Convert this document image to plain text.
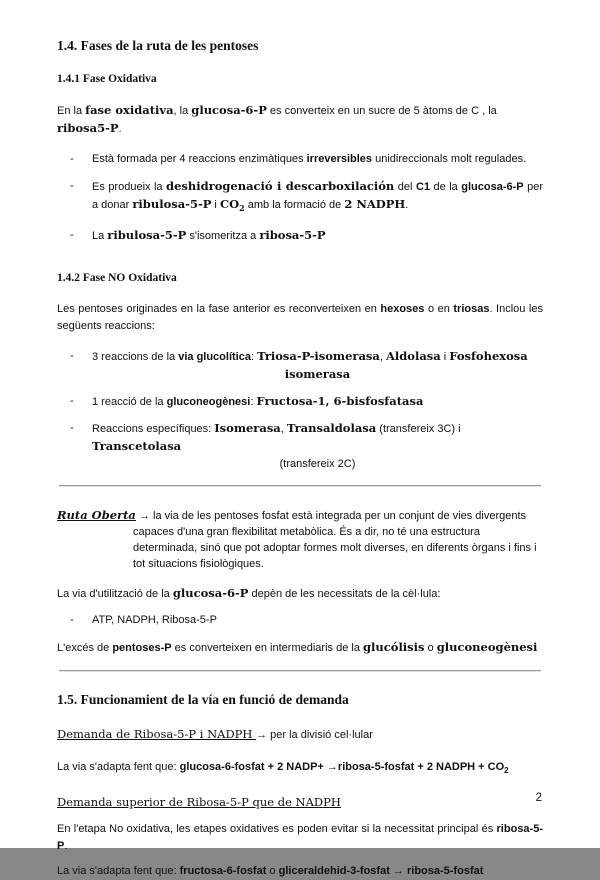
1.4. Fases de la ruta de les pentoses
1.4.1 Fase Oxidativa
En la fase oxidativa, la glucosa-6-P es converteix en un sucre de 5 àtoms de C , la ribosa5-P.
-	Està formada per 4 reaccions enzimàtiques irreversibles unidireccionals molt regulades.
-	Es produeix la deshidrogenació i descarboxilación del C1 de la glucosa-6-P per a donar ribulosa-5-P i $CO_2$ amb la formació de 2 NADPH.
-	La ribulosa-5-P s'isomeritza a ribosa-5-P
1.4.2 Fase NO Oxidativa
Les pentoses originades en la fase anterior es reconverteixen en hexoses o en triosas. Inclou les següents reaccions:
-	3 reaccions de la via glucolítica: Triosa-P-isomerasa, Aldolasa i Fosfohexosa
isomerasa
-	1 reacció de la gluconeogènesi: Fructosa-1, 6-bisfosfatasa
-	Reaccions específiques: Isomerasa, Transaldolasa (transfereix 3C) i Transcetolasa
(transfereix 2C)
Ruta Oberta → la via de les pentoses fosfat està integrada per un conjunt de vies divergents capaces d'una gran flexibilitat metabòlica. És a dir, no té una estructura determinada, sinó que pot adoptar formes molt diverses, en diferents òrgans i fins i tot situacions fisiològiques.
La via d'utilització de la glucosa-6-P depèn de les necessitats de la cèl·lula:
-	ATP, NADPH, Ribosa-5-P
L'excés de pentoses-P es converteixen en intermediaris de la glucólisis o gluconeogènesi
1.5. Funcionamient de la vía en funció de demanda
Demanda de Ribosa-5-P i NADPH → per la divisió cel·lular
La via s'adapta fent que: glucosa-6-fosfat + 2 NADP+ →ribosa-5-fosfat + 2 NADPH + $CO_2$
Demanda superior de Ribosa-5-P que de NADPH
En l'etapa No oxidativa, les etapes oxidatives es poden evitar si la necessitat principal és ribosa-5-P.
La via s'adapta fent que: fructosa-6-fosfat o gliceraldehid-3-fosfat → ribosa-5-fosfat
2
